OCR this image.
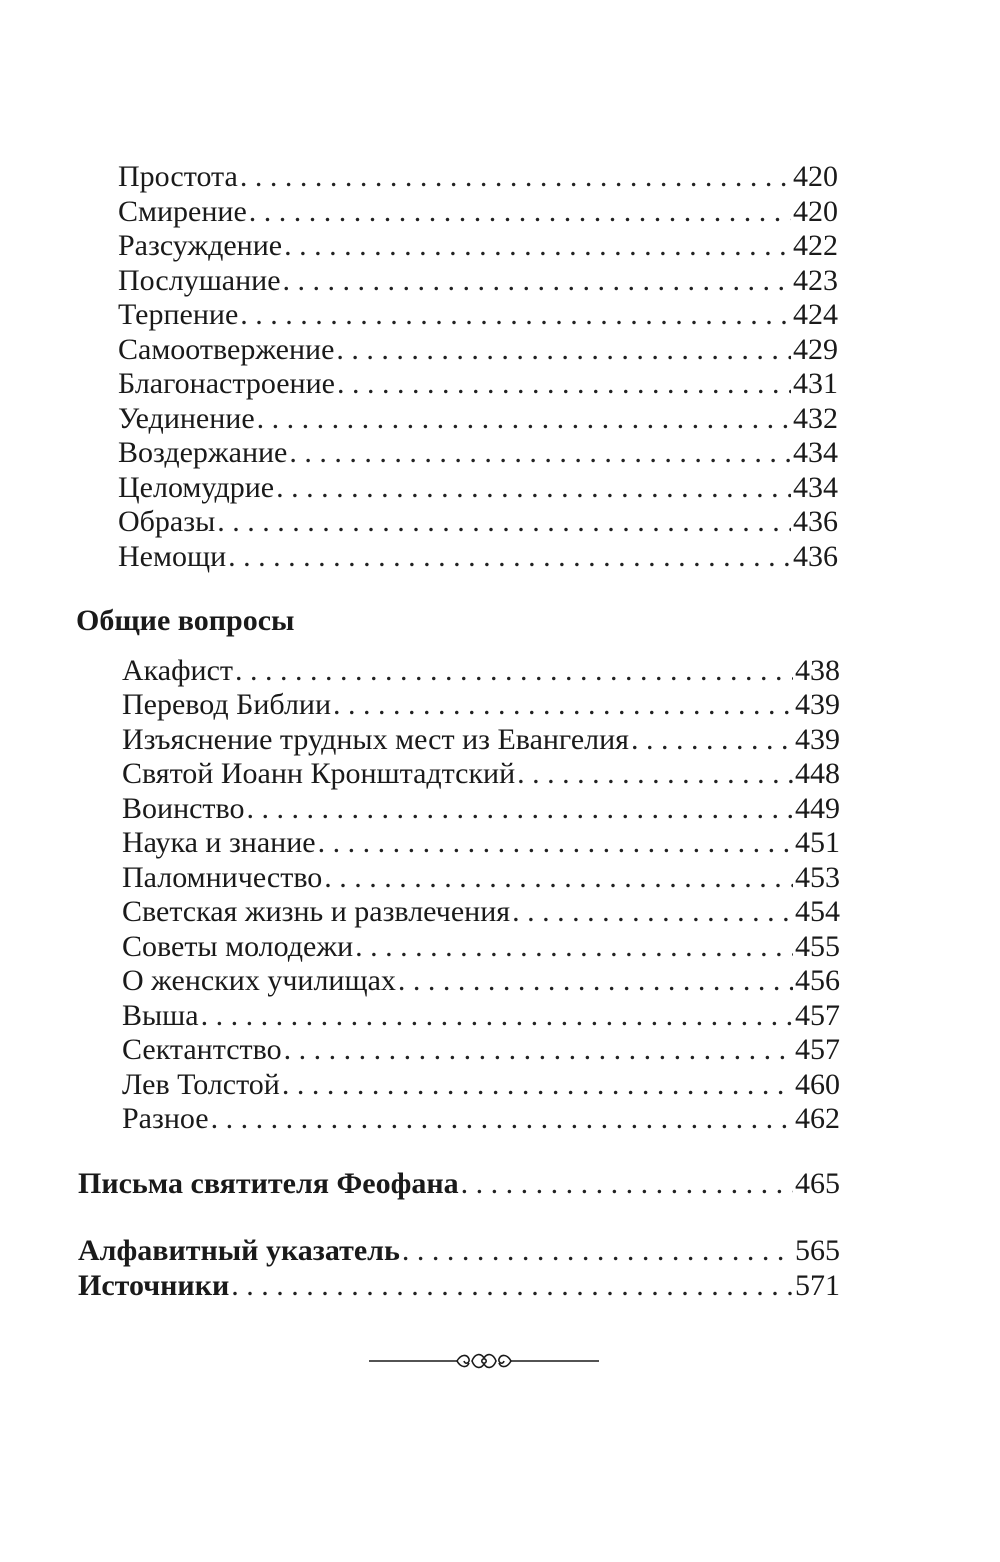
Простота . . .	420
Смирение . . .	420
Разсуждение . . .	422
Послушание . . .	423
Терпение . . .	424
Самоотвержение . . .	429
Благонастроение . . .	431
Уединение . . .	432
Воздержание . . .	434
Целомудрие . . .	434
Образы . . .	436
Немощи . . .	436
Общие вопросы
Акафист . . .	438
Перевод Библии . . .	439
Изъяснение трудных мест из Евангелия . . .	439
Святой Иоанн Кронштадтский . . .	448
Воинство . . .	449
Наука и знание . . .	451
Паломничество . . .	453
Светская жизнь и развлечения . . .	454
Советы молодежи . . .	455
О женских училищах . . .	456
Выша . . .	457
Сектантство . . .	457
Лев Толстой . . .	460
Разное . . .	462
Письма святителя Феофана . . .	465
Алфавитный указатель . . .	565
Источники . . .	571
